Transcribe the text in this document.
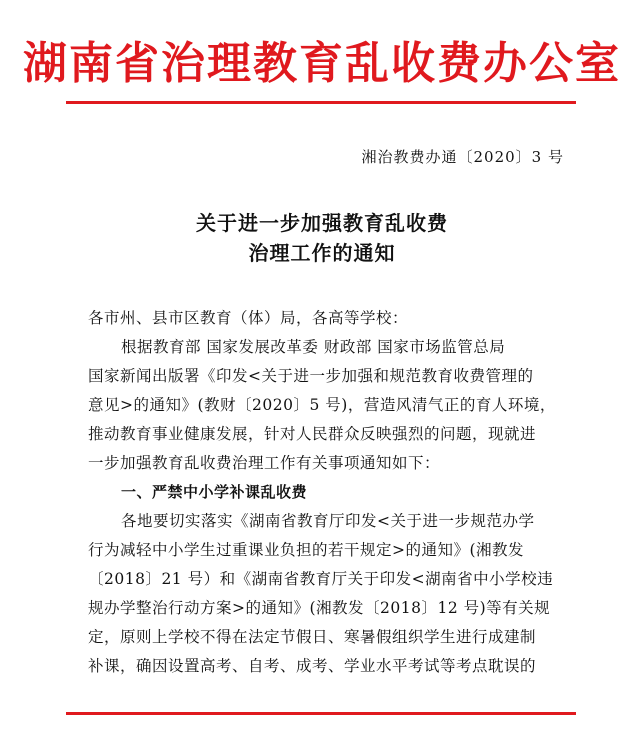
湖南省治理教育乱收费办公室
湘治教费办通〔2020〕3 号
关于进一步加强教育乱收费
治理工作的通知
各市州、县市区教育（体）局，各高等学校：
根据教育部 国家发展改革委 财政部 国家市场监管总局
国家新闻出版署《印发<关于进一步加强和规范教育收费管理的
意见>的通知》(教财〔2020〕5 号)，营造风清气正的育人环境，
推动教育事业健康发展，针对人民群众反映强烈的问题，现就进
一步加强教育乱收费治理工作有关事项通知如下：
一、严禁中小学补课乱收费
各地要切实落实《湖南省教育厅印发<关于进一步规范办学
行为减轻中小学生过重课业负担的若干规定>的通知》(湘教发
〔2018〕21 号）和《湖南省教育厅关于印发<湖南省中小学校违
规办学整治行动方案>的通知》(湘教发〔2018〕12 号)等有关规
定，原则上学校不得在法定节假日、寒暑假组织学生进行成建制
补课，确因设置高考、自考、成考、学业水平考试等考点耽误的
